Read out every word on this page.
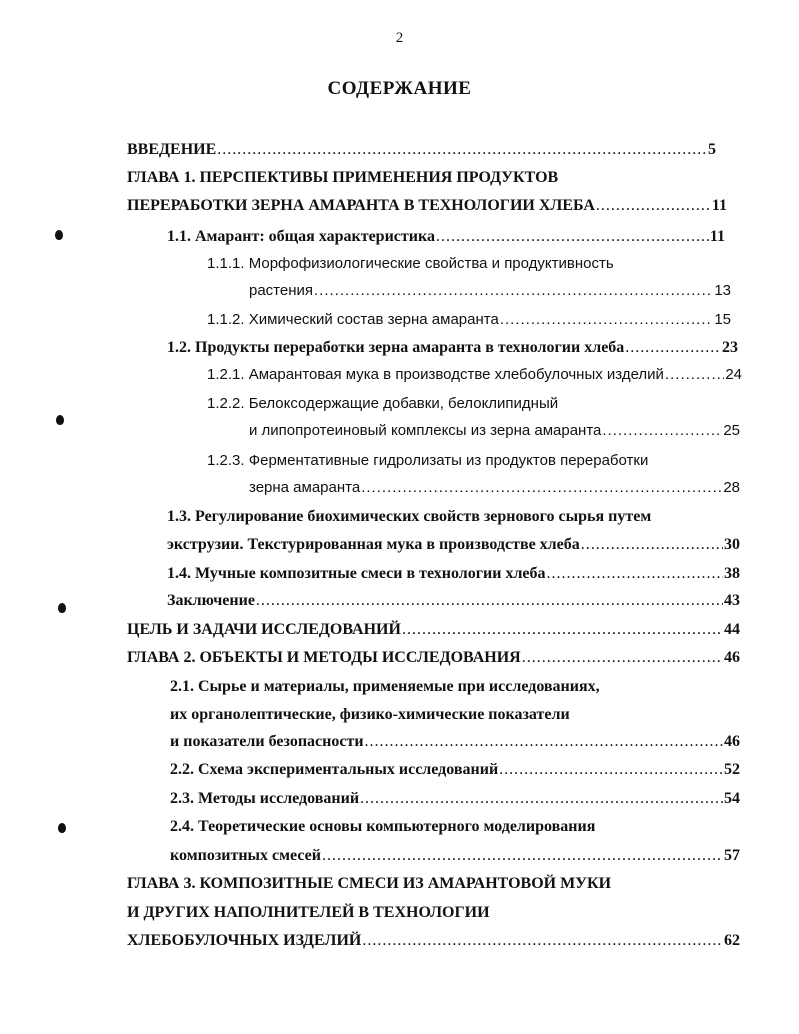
2
СОДЕРЖАНИЕ
ВВЕДЕНИЕ .....	5
ГЛАВА 1. ПЕРСПЕКТИВЫ ПРИМЕНЕНИЯ ПРОДУКТОВ
ПЕРЕРАБОТКИ ЗЕРНА АМАРАНТА В ТЕХНОЛОГИИ ХЛЕБА .....	11
1.1. Амарант: общая характеристика .....	11
1.1.1. Морфофизиологические свойства и продуктивность
растения .....	13
1.1.2. Химический состав зерна амаранта .....	15
1.2. Продукты переработки зерна амаранта в технологии хлеба .....	23
1.2.1. Амарантовая мука в производстве хлебобулочных изделий .....	24
1.2.2. Белоксодержащие добавки, белоклипидный
и липопротеиновый комплексы из зерна амаранта .....	25
1.2.3. Ферментативные гидролизаты из продуктов переработки
зерна амаранта .....	28
1.3. Регулирование биохимических свойств зернового сырья путем
экструзии. Текстурированная мука в производстве хлеба .....	30
1.4. Мучные композитные смеси в технологии хлеба .....	38
Заключение .....	43
ЦЕЛЬ И ЗАДАЧИ ИССЛЕДОВАНИЙ .....	44
ГЛАВА 2. ОБЪЕКТЫ И МЕТОДЫ ИССЛЕДОВАНИЯ .....	46
2.1. Сырье и материалы, применяемые при исследованиях,
их органолептические, физико-химические показатели
и показатели безопасности .....	46
2.2. Схема экспериментальных исследований .....	52
2.3. Методы исследований .....	54
2.4. Теоретические основы компьютерного моделирования
композитных смесей .....	57
ГЛАВА 3. КОМПОЗИТНЫЕ СМЕСИ ИЗ АМАРАНТОВОЙ МУКИ
И ДРУГИХ НАПОЛНИТЕЛЕЙ В ТЕХНОЛОГИИ
ХЛЕБОБУЛОЧНЫХ ИЗДЕЛИЙ .....	62
